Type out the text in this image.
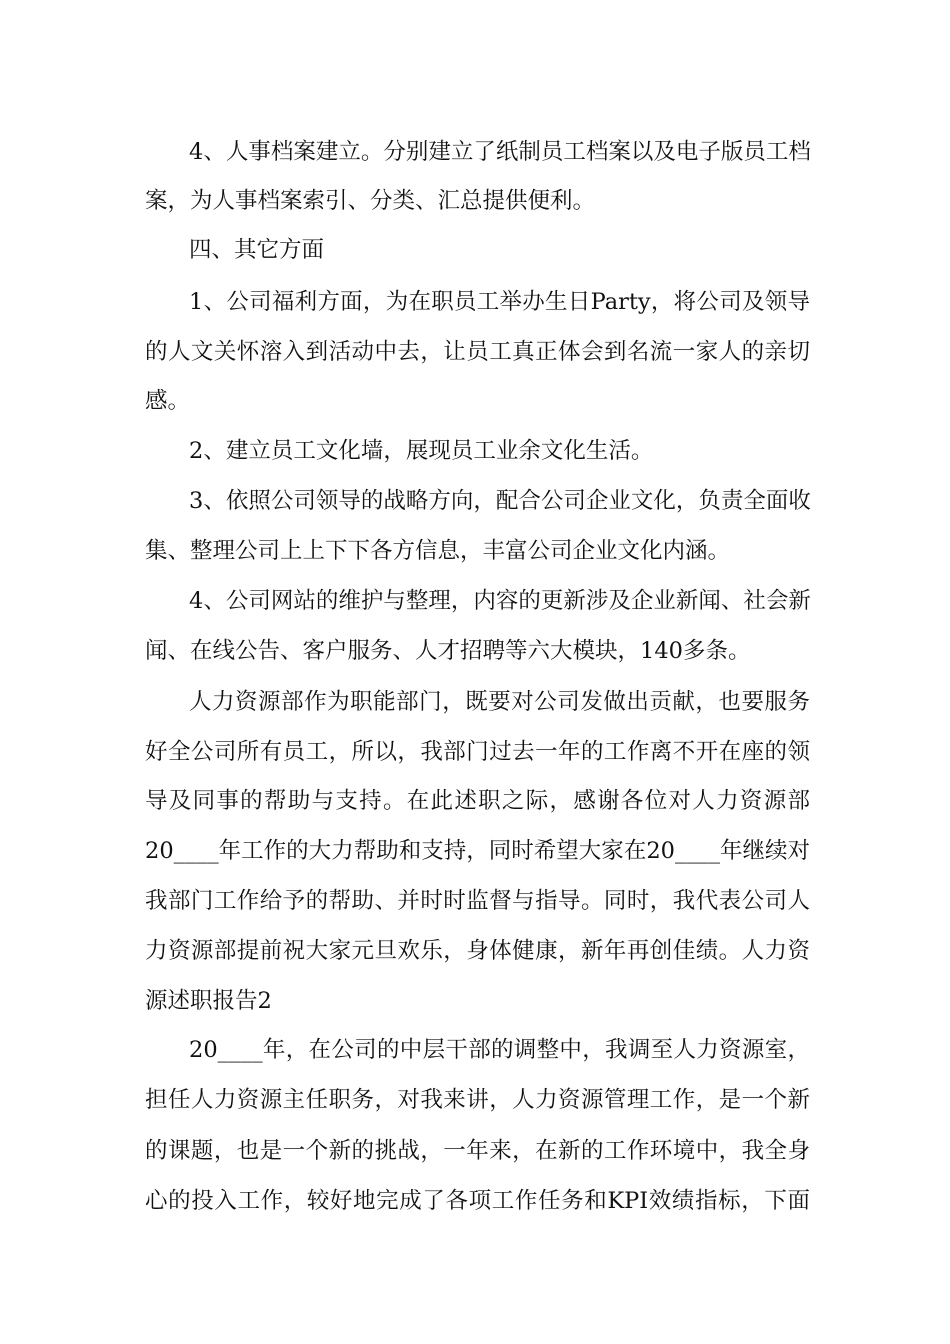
4、人事档案建立。分别建立了纸制员工档案以及电子版员工档

案，为人事档案索引、分类、汇总提供便利。

四、其它方面

1、公司福利方面，为在职员工举办生日Party，将公司及领导

的人文关怀溶入到活动中去，让员工真正体会到名流一家人的亲切

感。

2、建立员工文化墙，展现员工业余文化生活。

3、依照公司领导的战略方向，配合公司企业文化，负责全面收

集、整理公司上上下下各方信息，丰富公司企业文化内涵。

4、公司网站的维护与整理，内容的更新涉及企业新闻、社会新

闻、在线公告、客户服务、人才招聘等六大模块，140多条。

人力资源部作为职能部门，既要对公司发做出贡献，也要服务

好全公司所有员工，所以，我部门过去一年的工作离不开在座的领

导及同事的帮助与支持。在此述职之际，感谢各位对人力资源部

20____年工作的大力帮助和支持，同时希望大家在20____年继续对

我部门工作给予的帮助、并时时监督与指导。同时，我代表公司人

力资源部提前祝大家元旦欢乐，身体健康，新年再创佳绩。人力资

源述职报告2

20____年，在公司的中层干部的调整中，我调至人力资源室，

担任人力资源主任职务，对我来讲，人力资源管理工作，是一个新

的课题，也是一个新的挑战，一年来，在新的工作环境中，我全身

心的投入工作，较好地完成了各项工作任务和KPI效绩指标，下面
